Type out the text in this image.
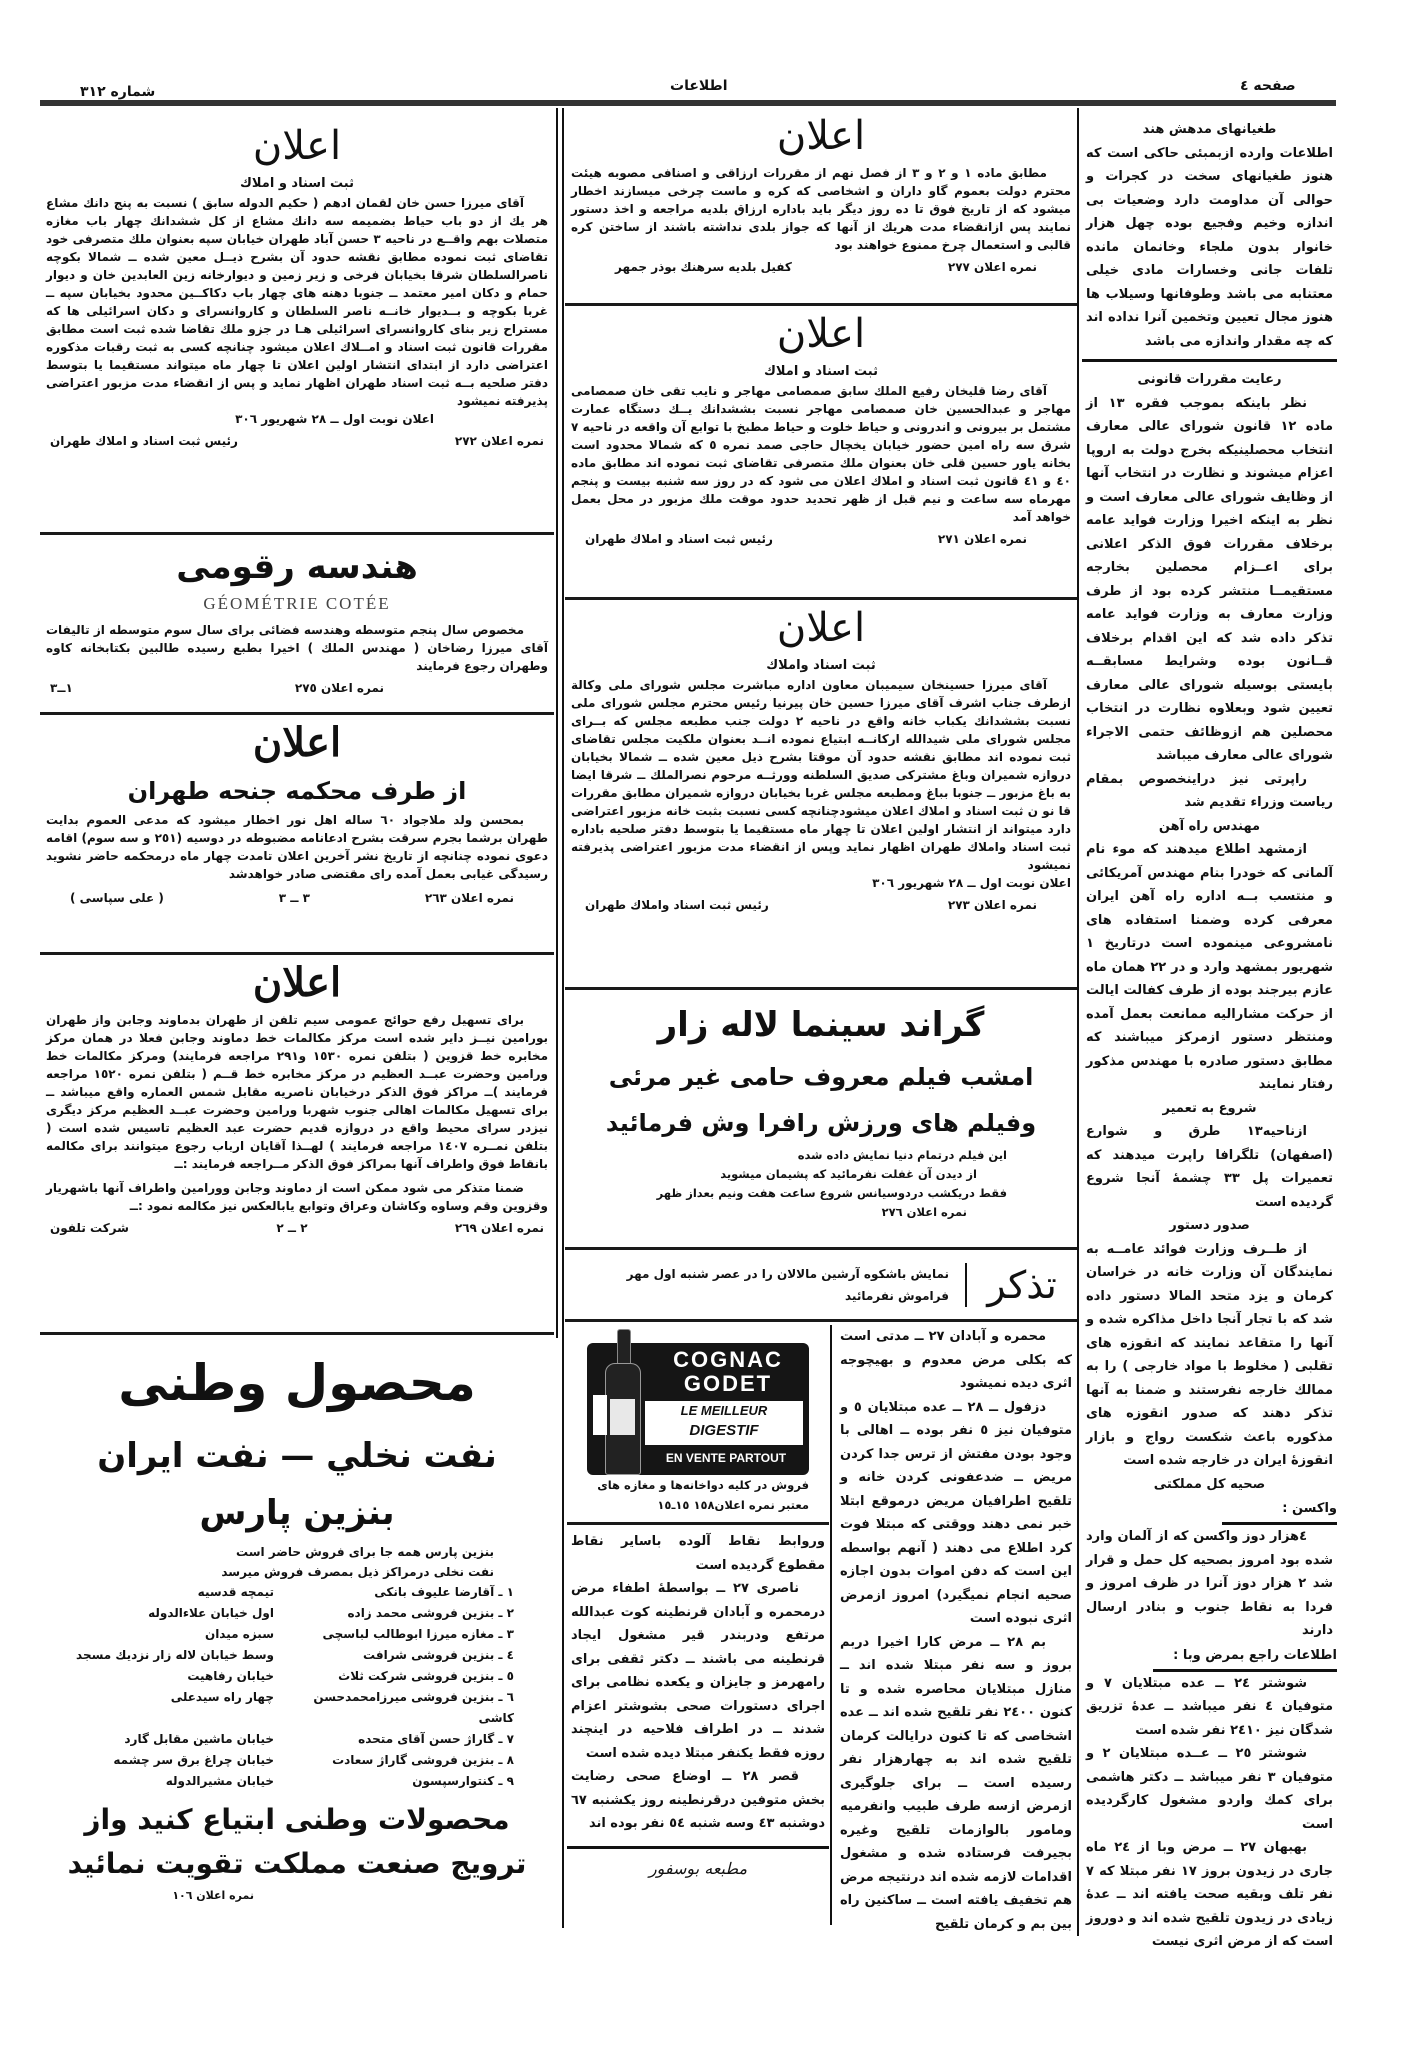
صفحه ٤
اطلاعات
شماره ۳۱۲
اعلان
ثبت اسناد و املاك

آقای میرزا حسن خان لقمان ادهم ( حکیم الدوله سابق ) نسبت به پنج دانك مشاع هر يك از دو باب حیاط بضمیمه سه دانك مشاع از کل ششدانك چهار باب مغازه متصلات بهم واقــع در ناحیه ۳ حسن آباد طهران خیابان سپه بعنوان ملك متصرفی خود تقاضای ثبت نموده مطابق نقشه حدود آن بشرح ذیــل معین شده ــ شمالا بکوچه ناصرالسلطان شرقا بخیابان فرخی و زیر زمین و دیوارخانه زین العابدین خان و دیوار حمام و دکان امیر معتمد ــ جنوبا دهنه های چهار باب دکاکــین محدود بخیابان سپه ــ غربا بکوچه و بــدیوار خانــه ناصر السلطان و کاروانسرای و دکان اسرائیلی ها که مستراح زیر بنای کاروانسرای اسرائیلی هـا در جزو ملك تقاضا شده ثبت است مطابق مقررات قانون ثبت اسناد و امــلاك اعلان میشود چنانچه کسی به ثبت رقبات مذکوره اعتراضی دارد از ابتدای انتشار اولین اعلان تا چهار ماه میتواند مستقیما یا بتوسط دفتر صلحیه بــه ثبت اسناد طهران اظهار نماید و پس از انقضاء مدت مزبور اعتراضی پذیرفته نمیشود

اعلان نوبت اول ــ ۲۸ شهریور ۳۰٦

نمره اعلان ۲۷۲
رئیس ثبت اسناد و املاك طهران
هندسه رقومی
GÉOMÉTRIE COTÉE

مخصوص سال پنجم متوسطه وهندسه فضائی برای سال سوم متوسطه از تالیفات آقای میرزا رضاخان ( مهندس الملك ) اخیرا بطبع رسیده طالبین بکتابخانه کاوه وطهران رجوع فرمایند

نمره اعلان ۲۷٥
۱ــ۳
اعلان
از طرف محکمه جنحه طهران

بمحسن ولد ملاجواد ٦۰ ساله اهل نور اخطار میشود که مدعی العموم بدایت طهران برشما بجرم سرقت بشرح ادعانامه مضبوطه در دوسیه (۲٥۱ و سه سوم) اقامه دعوی نموده چنانچه از تاریخ نشر آخرین اعلان تامدت چهار ماه درمحکمه حاضر نشوید رسیدگی غیابی بعمل آمده رای مقتضی صادر خواهدشد

نمره اعلان ۲٦۳
۳ ــ ۳
( علی سپاسی )
اعلان

برای تسهیل رفع حوائج عمومی سیم تلفن از طهران بدماوند وجابن واز طهران بورامین نیــز دایر شده است مرکز مکالمات خط دماوند وجابن فعلا در همان مرکز مخابره خط قزوین ( بتلفن نمره ۱٥۳۰ و۲۹۱ مراجعه فرمایند) ومرکز مکالمات خط ورامین وحضرت عبــد العظیم در مرکز مخابره خط قــم ( بتلفن نمره ۱٥۲۰ مراجعه فرمایند )ــ مراکز فوق الذکر درخیابان ناصریه مقابل شمس العماره واقع میباشد ــ برای تسهیل مکالمات اهالی جنوب شهربا ورامین وحضرت عبــد العظیم مرکز دیگری نیزدر سرای محیط واقع در دروازه قدیم حضرت عبد العظیم تاسیس شده است ( بتلفن نمــره ۱٤۰۷ مراجعه فرمایند ) لهــذا آقایان ارباب رجوع میتوانند برای مکالمه بانقاط فوق واطراف آنها بمراکز فوق الذکر مــراجعه فرمایند :ــ

ضمنا متذکر می شود ممکن است از دماوند وجابن وورامین واطراف آنها باشهریار وقزوین وقم وساوه وکاشان وعراق وتوابع یابالعکس نیز مکالمه نمود :ــ

نمره اعلان ۲٦۹
۲ ــ ۲
شرکت تلفون
محصول وطنی
نفت نخلي — نفت ایران
بنزین پارس
بنزین پارس همه جا برای فروش حاضر است
نفت نخلی درمراکز ذیل بمصرف فروش میرسد
۱ ـ آقارضا علیوف بانکی
تیمچه قدسیه
۲ ـ بنزین فروشی محمد زاده
اول خیابان علاءالدوله
۳ ـ مغازه میرزا ابوطالب لباسچی
سبزه میدان
٤ ـ بنزین فروشی شرافت
وسط خیابان لاله زار نزدیك مسجد
٥ ـ بنزین فروشی شرکت ثلاث
خیابان رفاهیت
٦ ـ بنزین فروشی میرزامحمدحسن کاشی
چهار راه سیدعلی
۷ ـ گاراژ حسن آقای متحده
خیابان ماشین مقابل گارد
۸ ـ بنزین فروشی گاراژ سعادت
خیابان چراغ برق سر چشمه
۹ ـ کنتوارسپسون
خیابان مشیرالدوله
محصولات وطنی ابتیاع کنید واز
ترویج صنعت مملکت تقویت نمائید
نمره اعلان ۱۰٦
اعلان

مطابق ماده ۱ و ۲ و ۳ از فصل نهم از مقررات ارزاقی و اصنافی مصوبه هیئت محترم دولت بعموم گاو داران و اشخاصی که کره و ماست چرخی میسازند اخطار میشود که از تاریخ فوق تا ده روز دیگر باید باداره ارزاق بلدیه مراجعه و اخذ دستور نمایند پس ازانقضاء مدت هریك از آنها که جواز بلدی نداشته باشند از ساختن کره قالبی و استعمال چرخ ممنوع خواهند بود

نمره اعلان ۲۷۷
کفیل بلدیه سرهنك بوذر جمهر
اعلان
ثبت اسناد و املاك

آقای رضا قلیخان رفیع الملك سابق صمصامی مهاجر و نایب تقی خان صمصامی مهاجر و عبدالحسین خان صمصامی مهاجر نسبت بششدانك يــك دستگاه عمارت مشتمل بر بیرونی و اندرونی و حیاط خلوت و حیاط مطبخ با توابع آن واقعه در ناحیه ۷ شرق سه راه امین حضور خیابان یخچال حاجی صمد نمره ٥ که شمالا محدود است بخانه یاور حسین قلی خان بعنوان ملك متصرفی تقاضای ثبت نموده اند مطابق ماده ٤۰ و ٤۱ قانون ثبت اسناد و املاك اعلان می شود که در روز سه شنبه بیست و پنجم مهرماه سه ساعت و نیم قبل از ظهر تحدید حدود موقت ملك مزبور در محل بعمل خواهد آمد

نمره اعلان ۲۷۱
رئیس ثبت اسناد و املاك طهران
اعلان
ثبت اسناد واملاك

آقای میرزا حسینخان سیمیبان معاون اداره مباشرت مجلس شورای ملی وکالة ازطرف جناب اشرف آقای میرزا حسین خان پیرنیا رئیس محترم مجلس شورای ملی نسبت بششدانك یکباب خانه واقع در ناحیه ۲ دولت جنب مطبعه مجلس که بــرای مجلس شورای ملی شیدالله ارکانــه ابتیاع نموده انــد بعنوان ملکیت مجلس تقاضای ثبت نموده اند مطابق نقشه حدود آن موقتا بشرح ذیل معین شده ــ شمالا بخیابان دروازه شمیران وباغ مشترکی صدیق السلطنه وورثــه مرحوم نصرالملك ــ شرقا ایضا به باغ مزبور ــ جنوبا بباغ ومطبعه مجلس غربا بخیابان دروازه شمیران مطابق مقررات قا نو ن ثبت اسناد و املاك اعلان میشودچنانچه کسی نسبت بثبت خانه مزبور اعتراضی دارد میتواند از انتشار اولین اعلان تا چهار ماه مستقیما یا بتوسط دفتر صلحیه باداره ثبت اسناد واملاك طهران اظهار نماید وپس از انقضاء مدت مزبور اعتراضی پذیرفته نمیشود

اعلان نوبت اول ــ ۲۸ شهریور ۳۰٦

نمره اعلان ۲۷۳
رئیس ثبت اسناد واملاك طهران
گراند سینما لاله زار
امشب فیلم معروف حامی غیر مرئی
وفیلم های ورزش رافرا وش فرمائید
این فیلم درتمام دنیا نمایش داده شده
از دیدن آن غفلت نفرمائید که پشیمان میشوید
فقط دریکشب دردوسیانس شروع ساعت هفت ونیم بعداز ظهر
نمره اعلان ۲۷٦
تذکر
نمایش باشکوه آرشین مالالان را در عصر شنبه اول مهر
فراموش نفرمائید
COGNAC
GODET
LE MEILLEUR
DIGESTIF
EN VENTE PARTOUT
فروش در کلیه دواخانه‌ها و مغازه های معتبر نمره اعلان۱٥۸ ۱٥ـ۱٥

وروابط نقاط آلوده باسایر نقاط مقطوع گردیده است

ناصری ۲۷ ــ بواسطهٔ اطفاء مرض درمحمره و آبادان قرنطینه کوت عبدالله مرتفع ودربندر قیر مشغول ایجاد قرنطینه می باشند ــ دکتر ثقفی برای رامهرمز و جایزان و یکعده نظامی برای اجرای دستورات صحی بشوشتر اعزام شدند ــ در اطراف فلاحیه در اینچند روزه فقط یکنفر مبتلا دیده شده است

قصر ۲۸ ــ اوضاع صحی رضایت بخش متوفین درقرنطینه روز یکشنبه ٦۷ دوشنبه ٤۳ وسه شنبه ٥٤ نفر بوده اند

مطبعه بوسفور

محمره و آبادان ۲۷ ــ مدتی است که بکلی مرض معدوم و بهیچوجه اثری دیده نمیشود

دزفول ــ ۲۸ ــ عده مبتلایان ٥ و متوفیان نیز ٥ نفر بوده ــ اهالی با وجود بودن مفتش از ترس جدا کردن مریض ــ ضدعفونی کردن خانه و تلقیح اطرافیان مریض درموقع ابتلا خبر نمی دهند ووقتی که مبتلا فوت کرد اطلاع می دهند ( آنهم بواسطه این است که دفن اموات بدون اجازه صحیه انجام نمیگیرد) امروز ازمرض اثری نبوده است

بم ۲۸ ــ مرض کارا اخیرا دربم بروز و سه نفر مبتلا شده اند ــ منازل مبتلایان محاصره شده و تا کنون ۲٤۰۰ نفر تلقیح شده اند ــ عده اشخاصی که تا کنون درایالت کرمان تلقیح شده اند به چهارهزار نفر رسیده است ــ برای جلوگیری ازمرض ازسه طرف طبیب وانفرمیه ومامور بالوازمات تلقیح وغیره بجیرفت فرستاده شده و مشغول اقدامات لازمه شده اند درنتیجه مرض هم تخفیف یافته است ــ ساکنین راه بین بم و کرمان تلقیح

طغیانهای مدهش هند

اطلاعات وارده ازبمبئی حاکی است که هنوز طغیانهای سخت در کجرات و حوالی آن مداومت دارد وضعیات بی اندازه وخیم وفجیع بوده چهل هزار خانوار بدون ملجاء وخانمان مانده تلفات جانی وخسارات مادی خیلی معتنابه می باشد وطوفانها وسیلاب ها هنوز مجال تعیین وتخمین آنرا نداده اند که چه مقدار واندازه می باشد

رعایت مقررات قانونی

نظر باینکه بموجب فقره ۱۳ از ماده ۱۲ قانون شورای عالی معارف انتخاب محصلینیکه بخرج دولت به اروپا اعزام میشوند و نظارت در انتخاب آنها از وظایف شورای عالی معارف است و نظر به اینکه اخیرا وزارت فواید عامه برخلاف مقررات فوق الذکر اعلانی برای اعــزام محصلین بخارجه مستقیمــا منتشر کرده بود از طرف وزارت معارف به وزارت فواید عامه تذکر داده شد که این اقدام برخلاف قــانون بوده وشرایط مسابقــه بایستی بوسیله شورای عالی معارف تعیین شود وبعلاوه نظارت در انتخاب محصلین هم ازوظائف حتمی الاجراء شورای عالی معارف میباشد

راپرتی نیز دراینخصوص بمقام ریاست وزراء تقدیم شد

مهندس راه آهن

ازمشهد اطلاع میدهند که موء نام آلمانی که خودرا بنام مهندس آمریکائی و منتسب بــه اداره راه آهن ایران معرفی کرده وضمنا استفاده های نامشروعی مینموده است درتاریخ ۱ شهریور بمشهد وارد و در ۲۲ همان ماه عازم بیرجند بوده از طرف کفالت ایالت از حرکت مشارالیه ممانعت بعمل آمده ومنتظر دستور ازمرکز میباشند که مطابق دستور صادره با مهندس مذکور رفتار نمایند

شروع به تعمیر

ازناحیه۱۳ طرق و شوارع (اصفهان) تلگرافا راپرت میدهند که تعمیرات پل ۳۳ چشمهٔ آنجا شروع گردیده است

صدور دستور

از طــرف وزارت فوائد عامــه به نمایندگان آن وزارت خانه در خراسان کرمان و یزد متحد المالا دستور داده شد که با تجار آنجا داخل مذاکره شده و آنها را متقاعد نمایند که انقوزه های تقلبی ( مخلوط با مواد خارجی ) را به ممالك خارجه نفرستند و ضمنا به آنها تذکر دهند که صدور انقوزه های مذکوره باعث شکست رواج و بازار انقوزهٔ ایران در خارجه شده است

صحیه کل مملکتی
واکسن :

٤هزار دوز واکسن که از آلمان وارد شده بود امروز بصحیه کل حمل و قرار شد ۲ هزار دوز آنرا در ظرف امروز و فردا به نقاط جنوب و بنادر ارسال دارند

اطلاعات راجع بمرض وبا :

شوشتر ۲٤ ــ عده مبتلایان ۷ و متوفیان ٤ نفر میباشد ــ عدهٔ تزریق شدگان نیز ۲٤۱۰ نفر شده است

شوشتر ۲٥ ــ عــده مبتلایان ۲ و متوفیان ۳ نفر میباشد ــ دکتر هاشمی برای کمك واردو مشغول کارگردیده است

بهبهان ۲۷ ــ مرض وبا از ۲٤ ماه جاری در زیدون بروز ۱۷ نفر مبتلا که ۷ نفر تلف وبقیه صحت یافته اند ــ عدهٔ زیادی در زیدون تلقیح شده اند و دوروز است که از مرض اثری نیست
